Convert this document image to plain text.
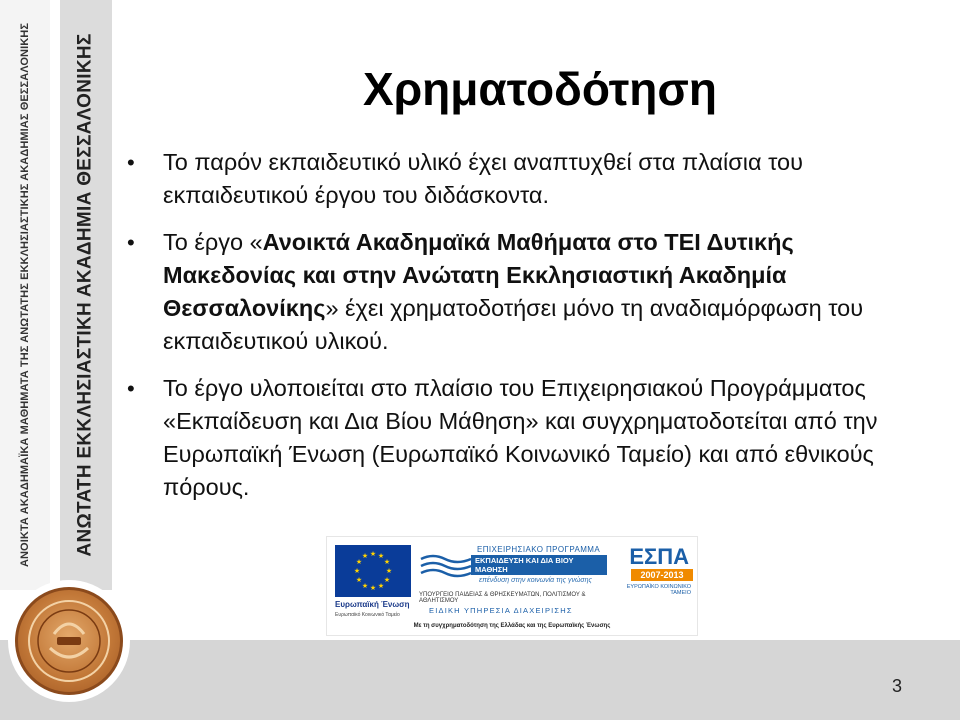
ΑΝΟΙΚΤΑ ΑΚΑΔΗΜΑΪΚΑ ΜΑΘΗΜΑΤΑ ΤΗΣ ΑΝΩΤΑΤΗΣ ΕΚΚΛΗΣΙΑΣΤΙΚΗΣ ΑΚΑΔΗΜΙΑΣ ΘΕΣΣΑΛΟΝΙΚΗΣ ΑΝΩΤΑΤΗ ΕΚΚΛΗΣΙΑΣΤΙΚΗ ΑΚΑΔΗΜΙΑ ΘΕΣΣΑΛΟΝΙΚΗΣ	Χρηματοδότηση
• Το παρόν εκπαιδευτικό υλικό έχει αναπτυχθεί στα πλαίσια του εκπαιδευτικού έργου του διδάσκοντα.
• Το έργο «Ανοικτά Ακαδημαϊκά Μαθήματα στο ΤΕΙ Δυτικής Μακεδονίας και στην Ανώτατη Εκκλησιαστική Ακαδημία Θεσσαλονίκης» έχει χρηματοδοτήσει μόνο τη αναδιαμόρφωση του εκπαιδευτικού υλικού.
• Το έργο υλοποιείται στο πλαίσιο του Επιχειρησιακού Προγράμματος «Εκπαίδευση και Δια Βίου Μάθηση» και συγχρηματοδοτείται από την Ευρωπαϊκή Ένωση (Ευρωπαϊκό Κοινωνικό Ταμείο) και από εθνικούς πόρους.
★ ★
★
★
★
★
★
★
★
★
★
★
Ευρωπαϊκή Ένωση
Ευρωπαϊκό Κοινωνικό Ταμείο
ΕΠΙΧΕΙΡΗΣΙΑΚΟ ΠΡΟΓΡΑΜΜΑ
ΕΚΠΑΙΔΕΥΣΗ ΚΑΙ ΔΙΑ ΒΙΟΥ ΜΑΘΗΣΗ
επένδυση στην κοινωνία της γνώσης
ΥΠΟΥΡΓΕΙΟ ΠΑΙΔΕΙΑΣ & ΘΡΗΣΚΕΥΜΑΤΩΝ, ΠΟΛΙΤΙΣΜΟΥ & ΑΘΛΗΤΙΣΜΟΥ
ΕΙΔΙΚΗ ΥΠΗΡΕΣΙΑ ΔΙΑΧΕΙΡΙΣΗΣ
ΕΣΠΑ
2007-2013
ΕΥΡΩΠΑΪΚΟ ΚΟΙΝΩΝΙΚΟ ΤΑΜΕΙΟ
Με τη συγχρηματοδότηση της Ελλάδας και της Ευρωπαϊκής Ένωσης
3
